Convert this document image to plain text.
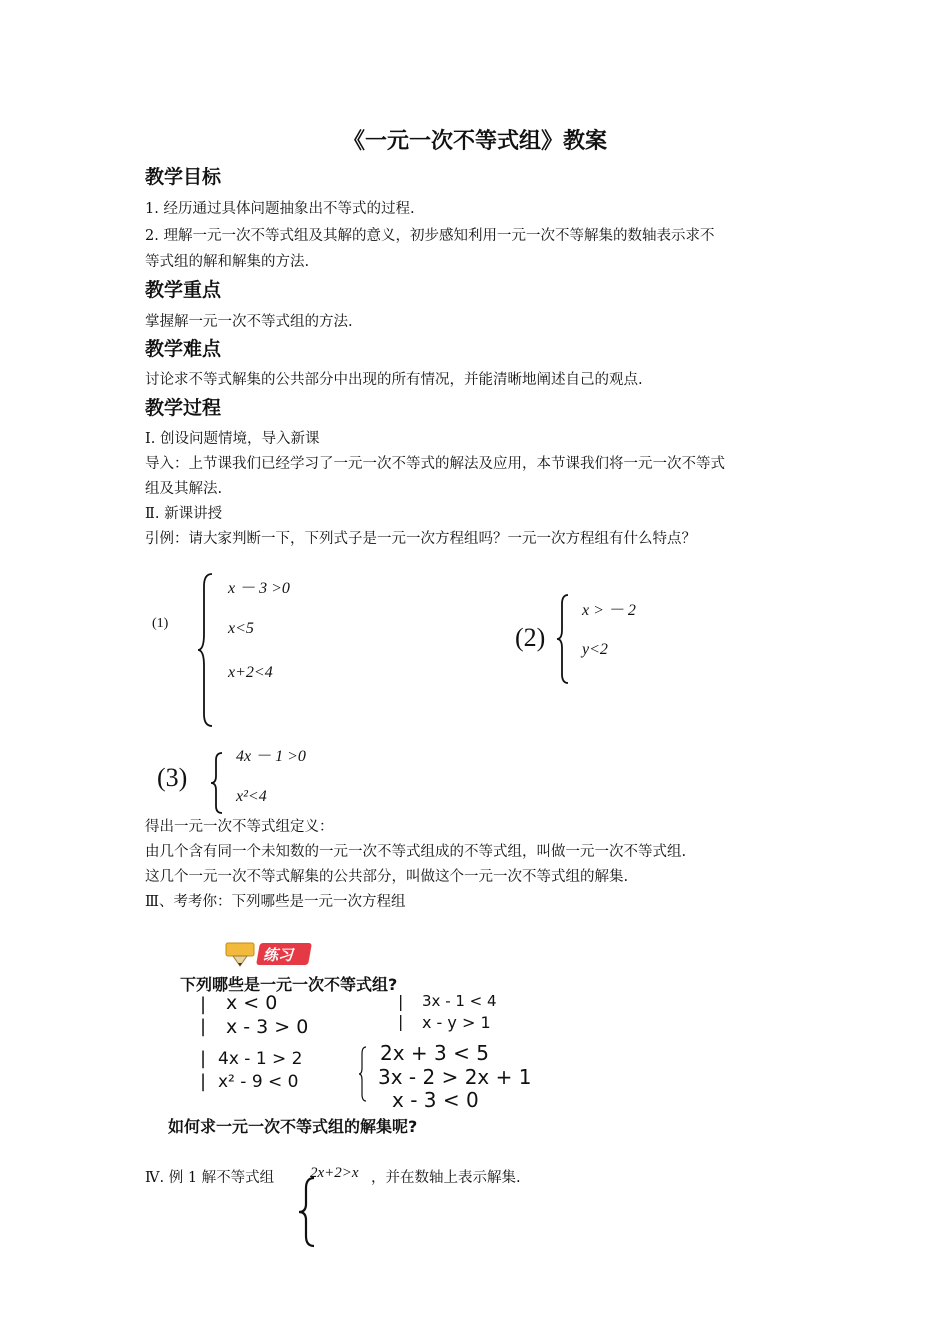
《一元一次不等式组》教案
教学目标
1. 经历通过具体问题抽象出不等式的过程.
2. 理解一元一次不等式组及其解的意义，初步感知利用一元一次不等解集的数轴表示求不
等式组的解和解集的方法.
教学重点
掌握解一元一次不等式组的方法.
教学难点
讨论求不等式解集的公共部分中出现的所有情况，并能清晰地阐述自己的观点.
教学过程
Ⅰ. 创设问题情境，导入新课
导入：上节课我们已经学习了一元一次不等式的解法及应用，本节课我们将一元一次不等式
组及其解法.
Ⅱ. 新课讲授
引例：请大家判断一下，下列式子是一元一次方程组吗？一元一次方程组有什么特点？
(1)
x － 3 >0
x<5
x+2<4
(2)
x > － 2
y<2
(3)
4x － 1 >0
x²<4
得出一元一次不等式组定义：
由几个含有同一个未知数的一元一次不等式组成的不等式组，叫做一元一次不等式组.
这几个一元一次不等式解集的公共部分，叫做这个一元一次不等式组的解集.
Ⅲ、考考你：下列哪些是一元一次方程组
练习
下列哪些是一元一次不等式组?
|
|
x < 0
x - 3 > 0
|
|
3x - 1 < 4
x - y > 1
|
|
4x - 1 > 2
x² - 9 < 0
2x + 3 < 5
3x - 2 > 2x + 1
x - 3 < 0
如何求一元一次不等式组的解集呢?
Ⅳ. 例 1 解不等式组 2x+2>x ，并在数轴上表示解集.
